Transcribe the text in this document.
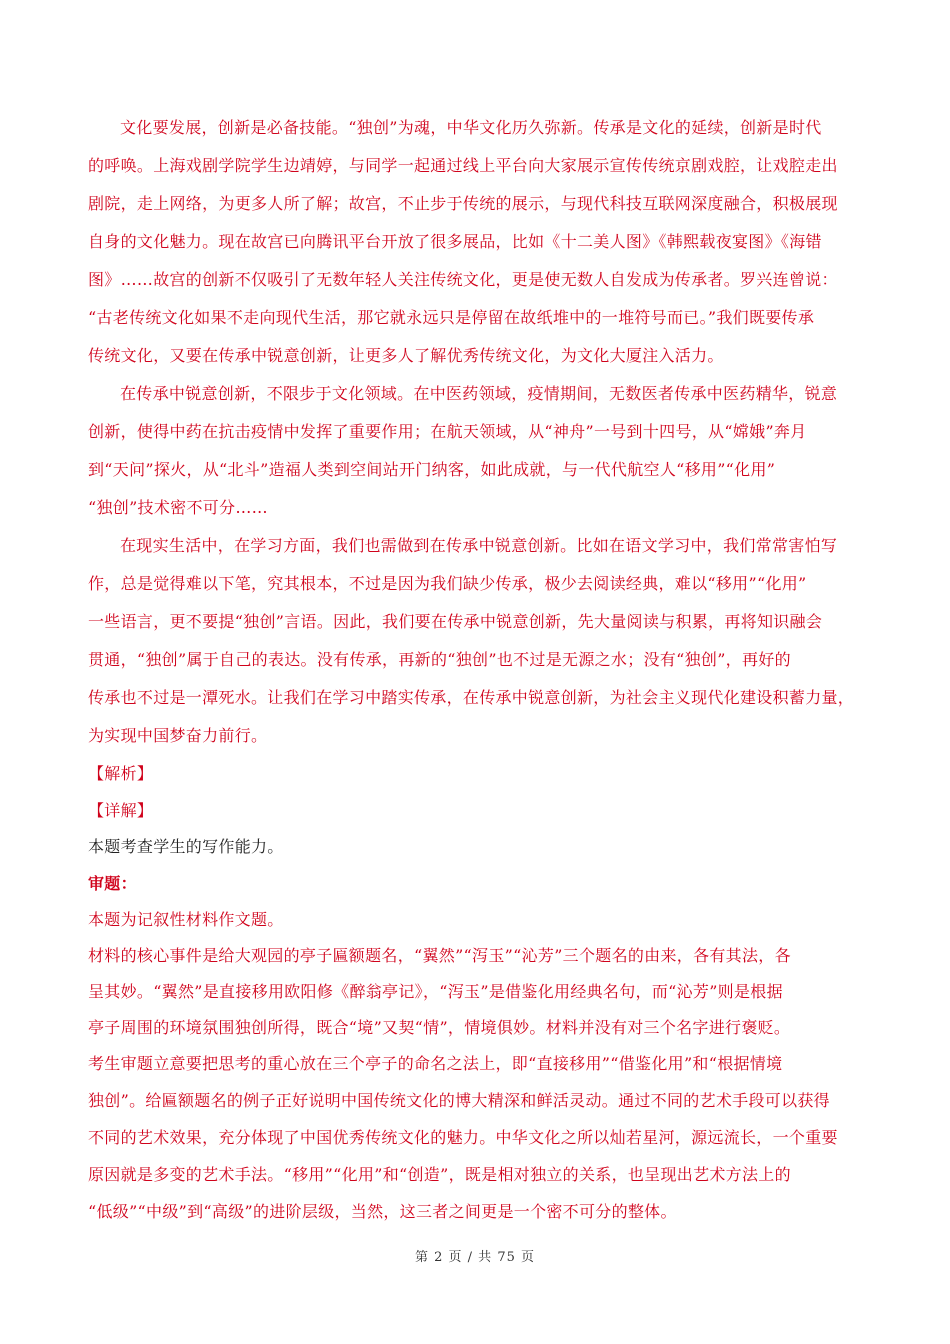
文化要发展，创新是必备技能。“独创”为魂，中华文化历久弥新。传承是文化的延续，创新是时代
的呼唤。上海戏剧学院学生边靖婷，与同学一起通过线上平台向大家展示宣传传统京剧戏腔，让戏腔走出
剧院，走上网络，为更多人所了解；故宫，不止步于传统的展示，与现代科技互联网深度融合，积极展现
自身的文化魅力。现在故宫已向腾讯平台开放了很多展品，比如《十二美人图》《韩熙载夜宴图》《海错
图》……故宫的创新不仅吸引了无数年轻人关注传统文化，更是使无数人自发成为传承者。罗兴连曾说：
“古老传统文化如果不走向现代生活，那它就永远只是停留在故纸堆中的一堆符号而已。”我们既要传承
传统文化，又要在传承中锐意创新，让更多人了解优秀传统文化，为文化大厦注入活力。
在传承中锐意创新，不限步于文化领域。在中医药领域，疫情期间，无数医者传承中医药精华，锐意
创新，使得中药在抗击疫情中发挥了重要作用；在航天领域，从“神舟”一号到十四号，从“嫦娥”奔月
到“天问”探火，从“北斗”造福人类到空间站开门纳客，如此成就，与一代代航空人“移用”“化用”
“独创”技术密不可分……
在现实生活中，在学习方面，我们也需做到在传承中锐意创新。比如在语文学习中，我们常常害怕写
作，总是觉得难以下笔，究其根本，不过是因为我们缺少传承，极少去阅读经典，难以“移用”“化用”
一些语言，更不要提“独创”言语。因此，我们要在传承中锐意创新，先大量阅读与积累，再将知识融会
贯通，“独创”属于自己的表达。没有传承，再新的“独创”也不过是无源之水；没有“独创”，再好的
传承也不过是一潭死水。让我们在学习中踏实传承，在传承中锐意创新，为社会主义现代化建设积蓄力量，
为实现中国梦奋力前行。
【解析】
【详解】
本题考查学生的写作能力。
审题：
本题为记叙性材料作文题。
材料的核心事件是给大观园的亭子匾额题名，“翼然”“泻玉”“沁芳”三个题名的由来，各有其法，各
呈其妙。“翼然”是直接移用欧阳修《醉翁亭记》，“泻玉”是借鉴化用经典名句，而“沁芳”则是根据
亭子周围的环境氛围独创所得，既合“境”又契“情”，情境俱妙。材料并没有对三个名字进行褒贬。
考生审题立意要把思考的重心放在三个亭子的命名之法上，即“直接移用”“借鉴化用”和“根据情境
独创”。给匾额题名的例子正好说明中国传统文化的博大精深和鲜活灵动。通过不同的艺术手段可以获得
不同的艺术效果，充分体现了中国优秀传统文化的魅力。中华文化之所以灿若星河，源远流长，一个重要
原因就是多变的艺术手法。“移用”“化用”和“创造”，既是相对独立的关系，也呈现出艺术方法上的
“低级”“中级”到“高级”的进阶层级，当然，这三者之间更是一个密不可分的整体。
第 2 页 / 共 75 页
